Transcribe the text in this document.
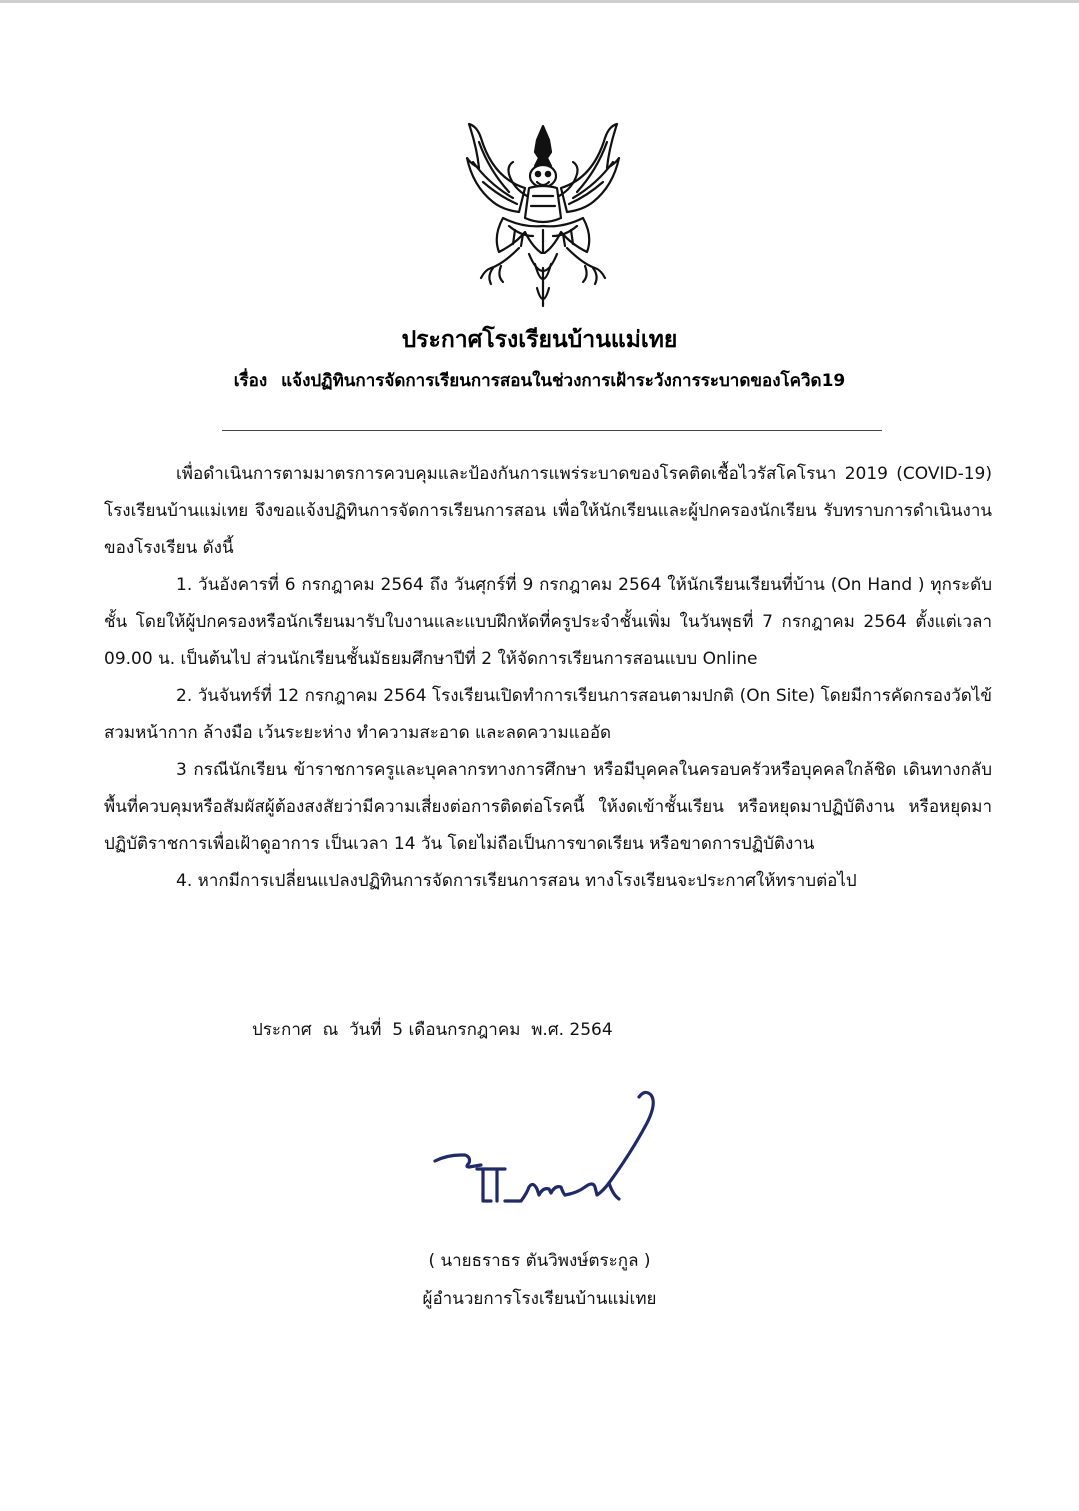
ประกาศโรงเรียนบ้านแม่เทย
เรื่อง แจ้งปฏิทินการจัดการเรียนการสอนในช่วงการเฝ้าระวังการระบาดของโควิด19

เพื่อดำเนินการตามมาตรการควบคุมและป้องกันการแพร่ระบาดของโรคติดเชื้อไวรัสโคโรนา 2019 (COVID-19) โรงเรียนบ้านแม่เทย จึงขอแจ้งปฏิทินการจัดการเรียนการสอน เพื่อให้นักเรียนและผู้ปกครองนักเรียน รับทราบการดำเนินงานของโรงเรียน ดังนี้

1. วันอังคารที่ 6 กรกฎาคม 2564 ถึง วันศุกร์ที่ 9 กรกฎาคม 2564 ให้นักเรียนเรียนที่บ้าน (On Hand ) ทุกระดับชั้น โดยให้ผู้ปกครองหรือนักเรียนมารับใบงานและแบบฝึกหัดที่ครูประจำชั้นเพิ่ม ในวันพุธที่ 7 กรกฎาคม 2564 ตั้งแต่เวลา 09.00 น. เป็นต้นไป ส่วนนักเรียนชั้นมัธยมศึกษาปีที่ 2 ให้จัดการเรียนการสอนแบบ Online

2. วันจันทร์ที่ 12 กรกฎาคม 2564 โรงเรียนเปิดทำการเรียนการสอนตามปกติ (On Site) โดยมีการคัดกรองวัดไข้ สวมหน้ากาก ล้างมือ เว้นระยะห่าง ทำความสะอาด และลดความแออัด

3 กรณีนักเรียน ข้าราชการครูและบุคลากรทางการศึกษา หรือมีบุคคลในครอบครัวหรือบุคคลใกล้ชิด เดินทางกลับพื้นที่ควบคุมหรือสัมผัสผู้ต้องสงสัยว่ามีความเสี่ยงต่อการติดต่อโรคนี้ ให้งดเข้าชั้นเรียน หรือหยุดมาปฏิบัติงาน หรือหยุดมาปฏิบัติราชการเพื่อเฝ้าดูอาการ เป็นเวลา 14 วัน โดยไม่ถือเป็นการขาดเรียน หรือขาดการปฏิบัติงาน

4. หากมีการเปลี่ยนแปลงปฏิทินการจัดการเรียนการสอน ทางโรงเรียนจะประกาศให้ทราบต่อไป

ประกาศ  ณ  วันที่  5 เดือนกรกฎาคม  พ.ศ. 2564
( นายธราธร ตันวิพงษ์ตระกูล )
ผู้อำนวยการโรงเรียนบ้านแม่เทย
